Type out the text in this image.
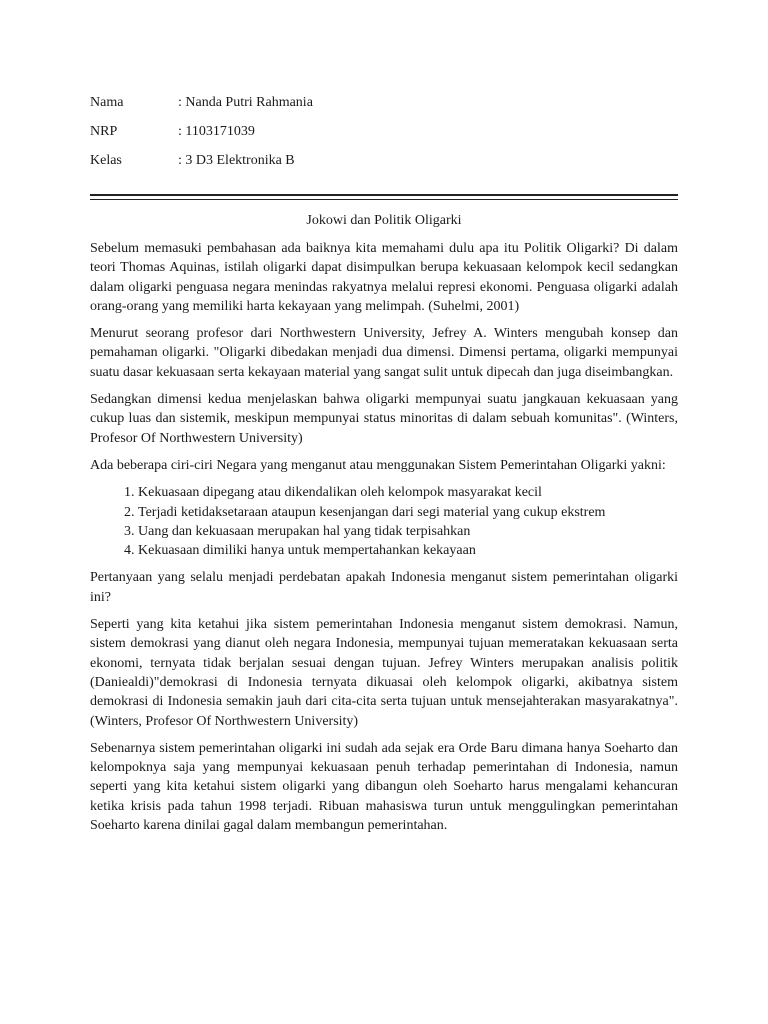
Nama	: Nanda Putri Rahmania
NRP	: 1103171039
Kelas	: 3 D3 Elektronika B
Jokowi dan Politik Oligarki

Sebelum memasuki pembahasan ada baiknya kita memahami dulu apa itu Politik Oligarki? Di dalam teori Thomas Aquinas, istilah oligarki dapat disimpulkan berupa kekuasaan kelompok kecil sedangkan dalam oligarki penguasa negara menindas rakyatnya melalui represi ekonomi. Penguasa oligarki adalah orang-orang yang memiliki harta kekayaan yang melimpah. (Suhelmi, 2001)

Menurut seorang profesor dari Northwestern University, Jefrey A. Winters mengubah konsep dan pemahaman oligarki. "Oligarki dibedakan menjadi dua dimensi. Dimensi pertama, oligarki mempunyai suatu dasar kekuasaan serta kekayaan material yang sangat sulit untuk dipecah dan juga diseimbangkan.

Sedangkan dimensi kedua menjelaskan bahwa oligarki mempunyai suatu jangkauan kekuasaan yang cukup luas dan sistemik, meskipun mempunyai status minoritas di dalam sebuah komunitas". (Winters, Profesor Of Northwestern University)

Ada beberapa ciri-ciri Negara yang menganut atau menggunakan Sistem Pemerintahan Oligarki yakni:

1. Kekuasaan dipegang atau dikendalikan oleh kelompok masyarakat kecil
2. Terjadi ketidaksetaraan ataupun kesenjangan dari segi material yang cukup ekstrem
3. Uang dan kekuasaan merupakan hal yang tidak terpisahkan
4. Kekuasaan dimiliki hanya untuk mempertahankan kekayaan

Pertanyaan yang selalu menjadi perdebatan apakah Indonesia menganut sistem pemerintahan oligarki ini?

Seperti yang kita ketahui jika sistem pemerintahan Indonesia menganut sistem demokrasi. Namun, sistem demokrasi yang dianut oleh negara Indonesia, mempunyai tujuan memeratakan kekuasaan serta ekonomi, ternyata tidak berjalan sesuai dengan tujuan. Jefrey Winters merupakan analisis politik (Daniealdi)"demokrasi di Indonesia ternyata dikuasai oleh kelompok oligarki, akibatnya sistem demokrasi di Indonesia semakin jauh dari cita-cita serta tujuan untuk mensejahterakan masyarakatnya". (Winters, Profesor Of Northwestern University)

Sebenarnya sistem pemerintahan oligarki ini sudah ada sejak era Orde Baru dimana hanya Soeharto dan kelompoknya saja yang mempunyai kekuasaan penuh terhadap pemerintahan di Indonesia, namun seperti yang kita ketahui sistem oligarki yang dibangun oleh Soeharto harus mengalami kehancuran ketika krisis pada tahun 1998 terjadi. Ribuan mahasiswa turun untuk menggulingkan pemerintahan Soeharto karena dinilai gagal dalam membangun pemerintahan.
